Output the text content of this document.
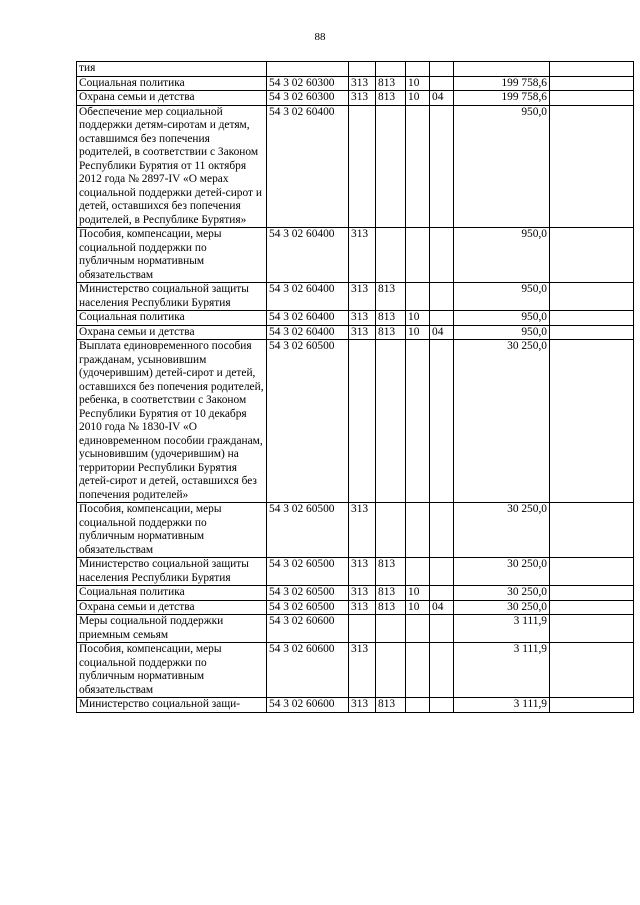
88
тия							
Социальная политика	54 3 02 60300	313	813	10		199 758,6	
Охрана семьи и детства	54 3 02 60300	313	813	10	04	199 758,6	
Обеспечение мер социальной поддержки детям-сиротам и детям, оставшимся без попечения родителей, в соответствии с Законом Республики Бурятия от 11 октября 2012 года № 2897-IV «О мерах социальной поддержки детей-сирот и детей, оставшихся без попечения родителей, в Республике Бурятия»	54 3 02 60400					950,0	
Пособия, компенсации, меры социальной поддержки по публичным нормативным обязательствам	54 3 02 60400	313				950,0	
Министерство социальной защиты населения Республики Бурятия	54 3 02 60400	313	813			950,0	
Социальная политика	54 3 02 60400	313	813	10		950,0	
Охрана семьи и детства	54 3 02 60400	313	813	10	04	950,0	
Выплата единовременного пособия гражданам, усыновившим (удочерившим) детей-сирот и детей, оставшихся без попечения родителей, ребенка, в соответствии с Законом Республики Бурятия от 10 декабря 2010 года № 1830-IV «О единовременном пособии гражданам, усыновившим (удочерившим) на территории Республики Бурятия детей-сирот и детей, оставшихся без попечения родителей»	54 3 02 60500					30 250,0	
Пособия, компенсации, меры социальной поддержки по публичным нормативным обязательствам	54 3 02 60500	313				30 250,0	
Министерство социальной защиты населения Республики Бурятия	54 3 02 60500	313	813			30 250,0	
Социальная политика	54 3 02 60500	313	813	10		30 250,0	
Охрана семьи и детства	54 3 02 60500	313	813	10	04	30 250,0	
Меры социальной поддержки приемным семьям	54 3 02 60600					3 111,9	
Пособия, компенсации, меры социальной поддержки по публичным нормативным обязательствам	54 3 02 60600	313				3 111,9	
Министерство социальной защи-	54 3 02 60600	313	813			3 111,9	
